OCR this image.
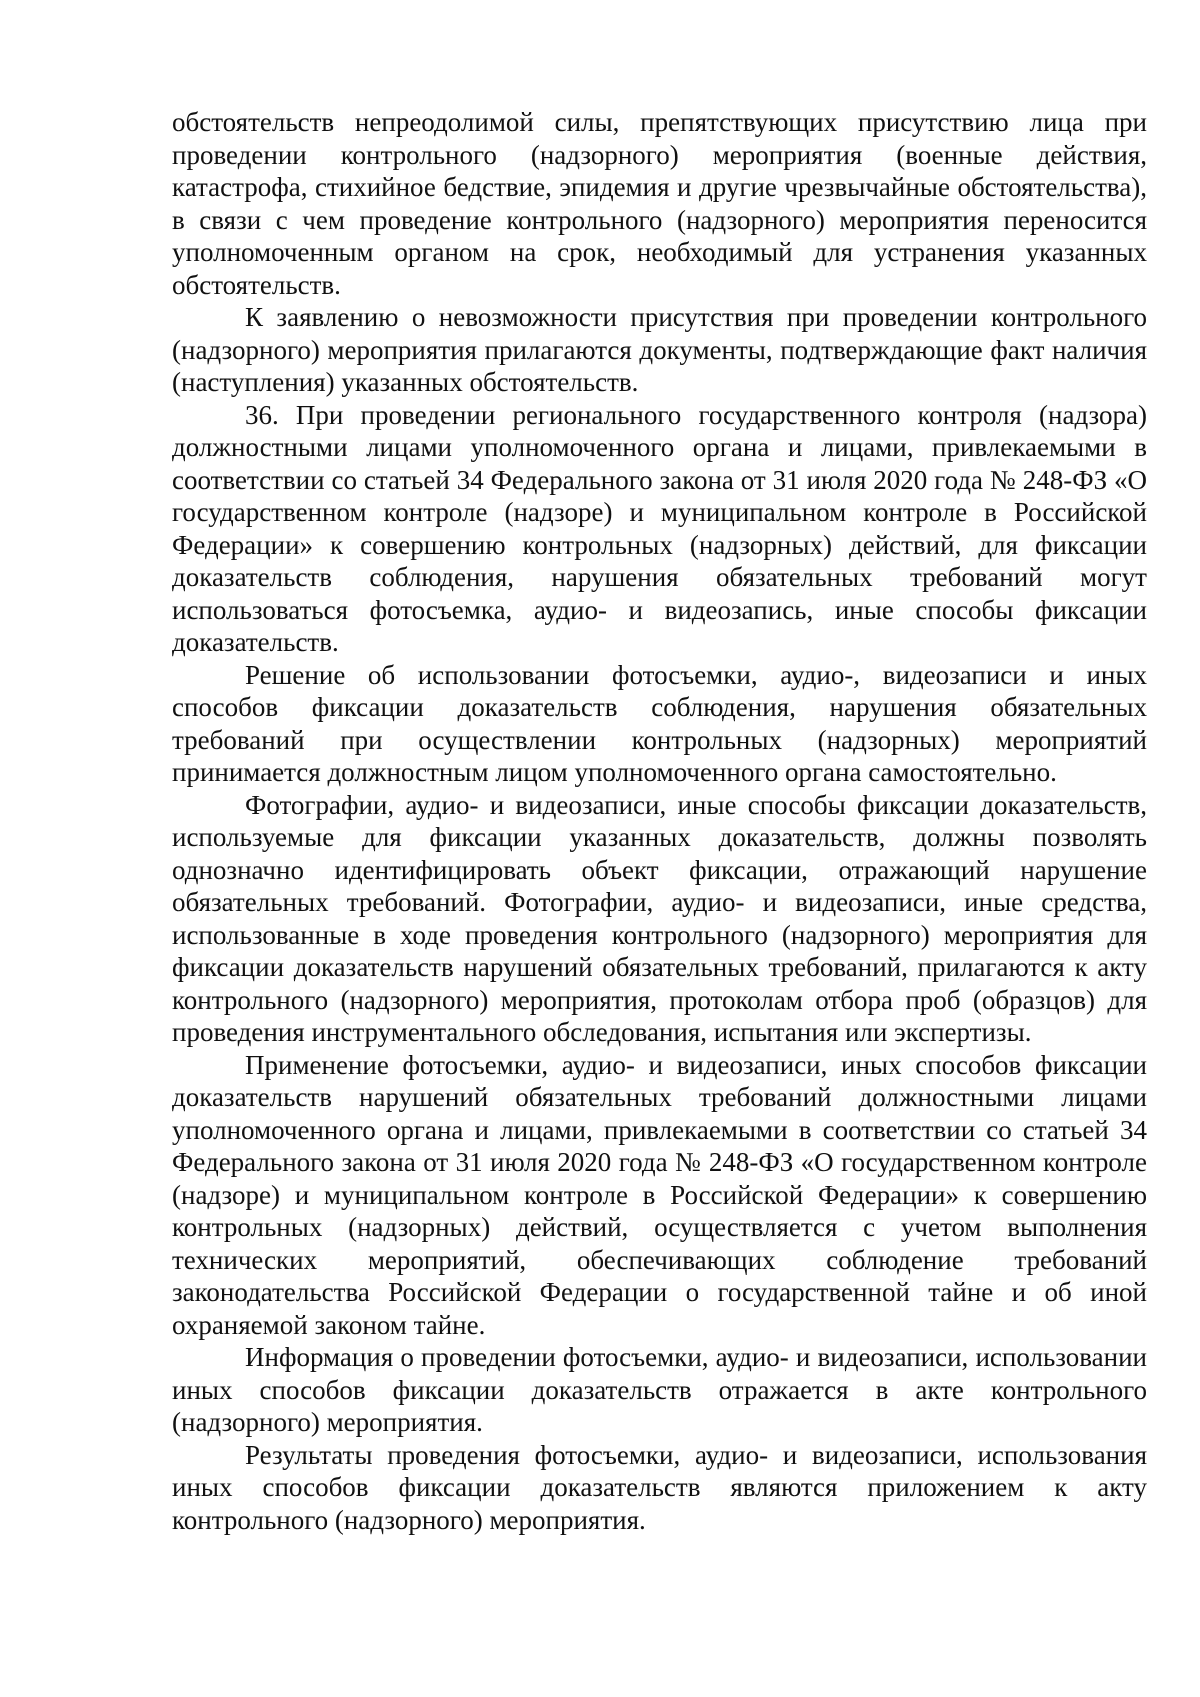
обстоятельств непреодолимой силы, препятствующих присутствию лица при проведении контрольного (надзорного) мероприятия (военные действия, катастрофа, стихийное бедствие, эпидемия и другие чрезвычайные обстоятельства), в связи с чем проведение контрольного (надзорного) мероприятия переносится уполномоченным органом на срок, необходимый для устранения указанных обстоятельств.

К заявлению о невозможности присутствия при проведении контрольного (надзорного) мероприятия прилагаются документы, подтверждающие факт наличия (наступления) указанных обстоятельств.

36. При проведении регионального государственного контроля (надзора) должностными лицами уполномоченного органа и лицами, привлекаемыми в соответствии со статьей 34 Федерального закона от 31 июля 2020 года № 248-ФЗ «О государственном контроле (надзоре) и муниципальном контроле в Российской Федерации» к совершению контрольных (надзорных) действий, для фиксации доказательств соблюдения, нарушения обязательных требований могут использоваться фотосъемка, аудио- и видеозапись, иные способы фиксации доказательств.

Решение об использовании фотосъемки, аудио-, видеозаписи и иных способов фиксации доказательств соблюдения, нарушения обязательных требований при осуществлении контрольных (надзорных) мероприятий принимается должностным лицом уполномоченного органа самостоятельно.

Фотографии, аудио- и видеозаписи, иные способы фиксации доказательств, используемые для фиксации указанных доказательств, должны позволять однозначно идентифицировать объект фиксации, отражающий нарушение обязательных требований. Фотографии, аудио- и видеозаписи, иные средства, использованные в ходе проведения контрольного (надзорного) мероприятия для фиксации доказательств нарушений обязательных требований, прилагаются к акту контрольного (надзорного) мероприятия, протоколам отбора проб (образцов) для проведения инструментального обследования, испытания или экспертизы.

Применение фотосъемки, аудио- и видеозаписи, иных способов фиксации доказательств нарушений обязательных требований должностными лицами уполномоченного органа и лицами, привлекаемыми в соответствии со статьей 34 Федерального закона от 31 июля 2020 года № 248-ФЗ «О государственном контроле (надзоре) и муниципальном контроле в Российской Федерации» к совершению контрольных (надзорных) действий, осуществляется с учетом выполнения технических мероприятий, обеспечивающих соблюдение требований законодательства Российской Федерации о государственной тайне и об иной охраняемой законом тайне.

Информация о проведении фотосъемки, аудио- и видеозаписи, использовании иных способов фиксации доказательств отражается в акте контрольного (надзорного) мероприятия.

Результаты проведения фотосъемки, аудио- и видеозаписи, использования иных способов фиксации доказательств являются приложением к акту контрольного (надзорного) мероприятия.
